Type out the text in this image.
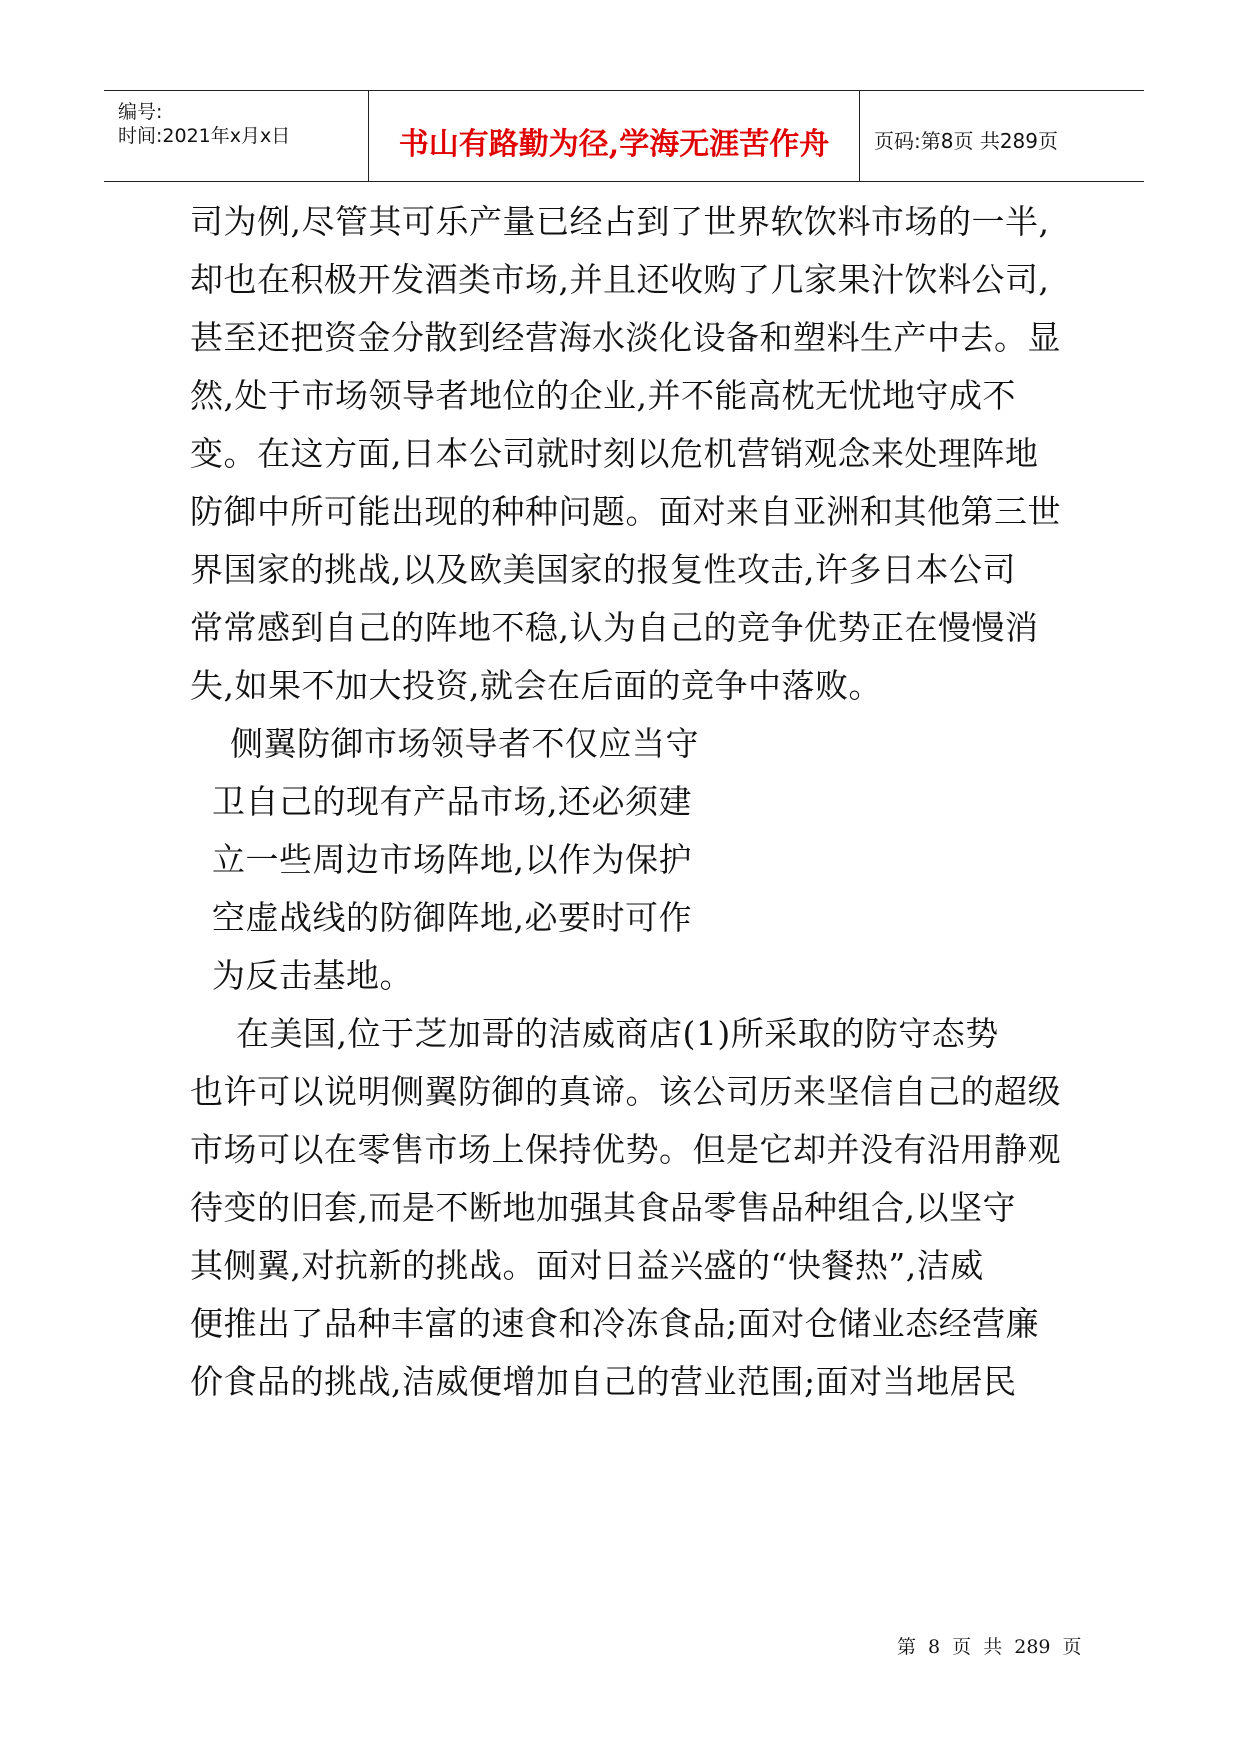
编号:
时间:2021年x月x日	书山有路勤为径,学海无涯苦作舟	页码:第8页 共289页
司为例,尽管其可乐产量已经占到了世界软饮料市场的一半,
却也在积极开发酒类市场,并且还收购了几家果汁饮料公司,
甚至还把资金分散到经营海水淡化设备和塑料生产中去。显
然,处于市场领导者地位的企业,并不能高枕无忧地守成不
变。在这方面,日本公司就时刻以危机营销观念来处理阵地
防御中所可能出现的种种问题。面对来自亚洲和其他第三世
界国家的挑战,以及欧美国家的报复性攻击,许多日本公司
常常感到自己的阵地不稳,认为自己的竞争优势正在慢慢消
失,如果不加大投资,就会在后面的竞争中落败。
侧翼防御市场领导者不仅应当守
卫自己的现有产品市场,还必须建
立一些周边市场阵地,以作为保护
空虚战线的防御阵地,必要时可作
为反击基地。
在美国,位于芝加哥的洁威商店(1)所采取的防守态势
也许可以说明侧翼防御的真谛。该公司历来坚信自己的超级
市场可以在零售市场上保持优势。但是它却并没有沿用静观
待变的旧套,而是不断地加强其食品零售品种组合,以坚守
其侧翼,对抗新的挑战。面对日益兴盛的“快餐热”,洁威
便推出了品种丰富的速食和冷冻食品;面对仓储业态经营廉
价食品的挑战,洁威便增加自己的营业范围;面对当地居民
第 8 页 共 289 页
